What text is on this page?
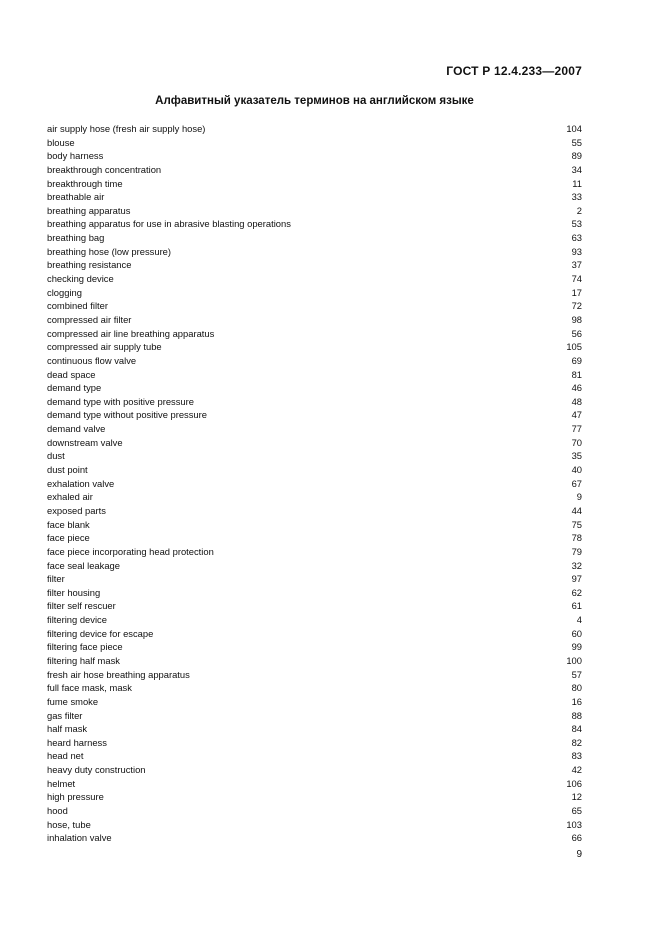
ГОСТ Р 12.4.233—2007
Алфавитный указатель терминов на английском языке
air supply hose (fresh air supply hose)	104
blouse	55
body harness	89
breakthrough concentration	34
breakthrough time	11
breathable air	33
breathing apparatus	2
breathing apparatus for use in abrasive blasting operations	53
breathing bag	63
breathing hose (low pressure)	93
breathing resistance	37
checking device	74
clogging	17
combined filter	72
compressed air filter	98
compressed air line breathing apparatus	56
compressed air supply tube	105
continuous flow valve	69
dead space	81
demand type	46
demand type with positive pressure	48
demand type without positive pressure	47
demand valve	77
downstream valve	70
dust	35
dust point	40
exhalation valve	67
exhaled air	9
exposed parts	44
face blank	75
face piece	78
face piece incorporating head protection	79
face seal leakage	32
filter	97
filter housing	62
filter self rescuer	61
filtering device	4
filtering device for escape	60
filtering face piece	99
filtering half mask	100
fresh air hose breathing apparatus	57
full face mask, mask	80
fume smoke	16
gas filter	88
half mask	84
heard harness	82
head net	83
heavy duty construction	42
helmet	106
high pressure	12
hood	65
hose, tube	103
inhalation valve	66
9
